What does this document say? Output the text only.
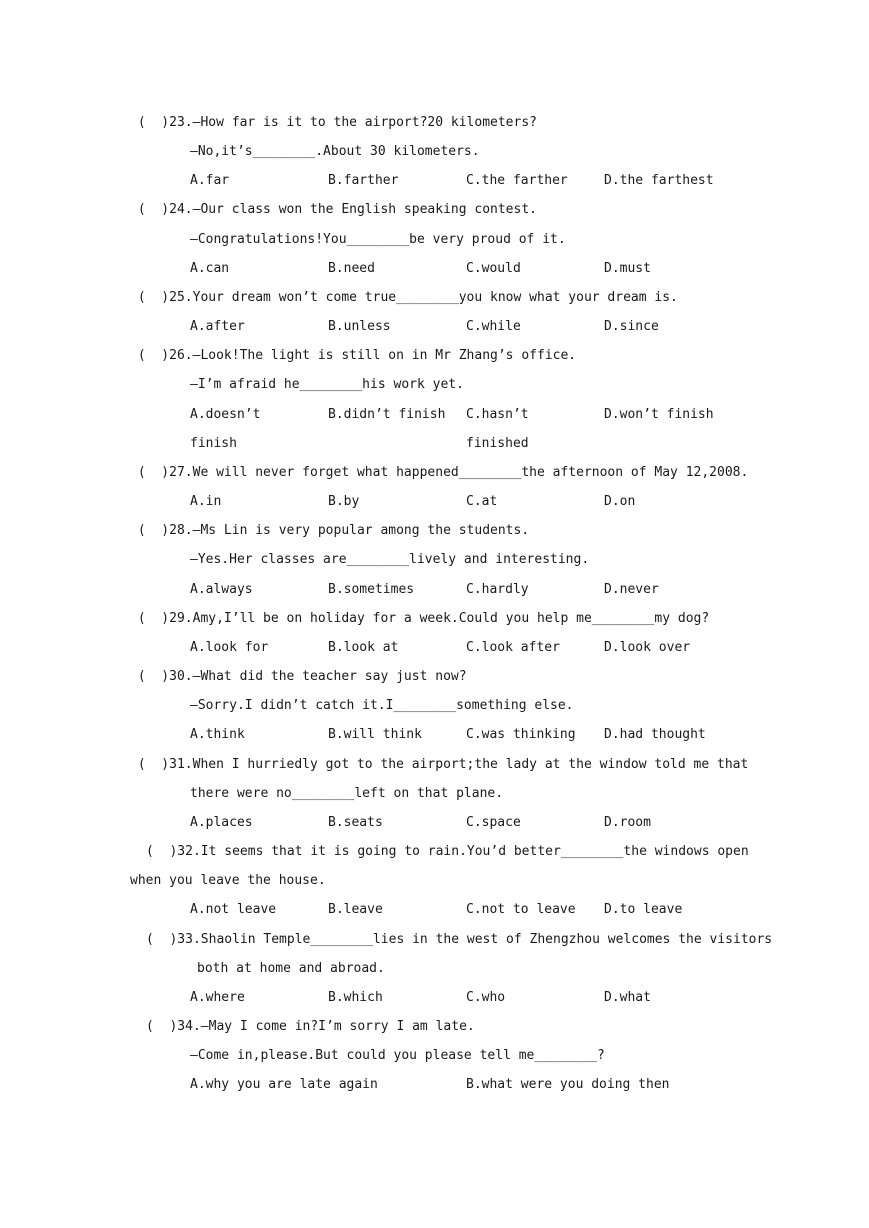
(  )23.—How far is it to the airport?20 kilometers?
—No,it’s________.About 30 kilometers.
A.far	B.farther	C.the farther	D.the farthest
(  )24.—Our class won the English speaking contest.
—Congratulations!You________be very proud of it.
A.can	B.need	C.would	D.must
(  )25.Your dream won’t come true________you know what your dream is.
A.after	B.unless	C.while	D.since
(  )26.—Look!The light is still on in Mr Zhang’s office.
—I’m afraid he________his work yet.
A.doesn’t	B.didn’t finish C.hasn’t	D.won’t finish
finish	finished
(  )27.We will never forget what happened________the afternoon of May 12,2008.
A.in	B.by	C.at	D.on
(  )28.—Ms Lin is very popular among the students.
—Yes.Her classes are________lively and interesting.
A.always	B.sometimes	C.hardly	D.never
(  )29.Amy,I’ll be on holiday for a week.Could you help me________my dog?
A.look for	B.look at	C.look after	D.look over
(  )30.—What did the teacher say just now?
—Sorry.I didn’t catch it.I________something else.
A.think	B.will think	C.was thinking D.had thought
(  )31.When I hurriedly got to the airport;the lady at the window told me that
there were no________left on that plane.
A.places	B.seats	C.space	D.room
(  )32.It seems that it is going to rain.You’d better________the windows open
when you leave the house.
A.not leave	B.leave	C.not to leave D.to leave
(  )33.Shaolin Temple________lies in the west of Zhengzhou welcomes the visitors
both at home and abroad.
A.where	B.which	C.who	D.what
(  )34.—May I come in?I’m sorry I am late.
—Come in,please.But could you please tell me________?
A.why you are late again	B.what were you doing then
